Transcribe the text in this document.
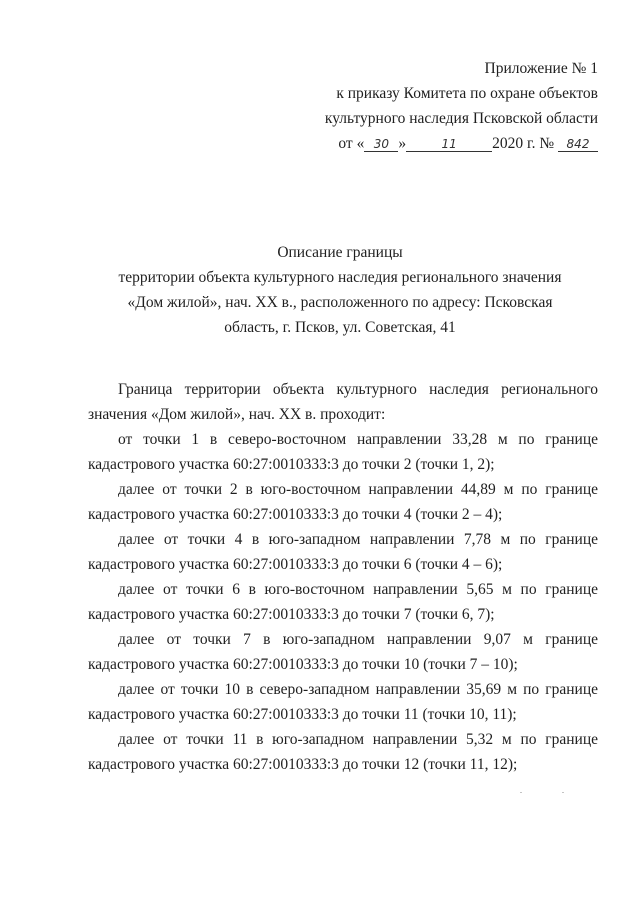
Приложение № 1
к приказу Комитета по охране объектов
культурного наследия Псковской области
от « 30 »	11 2020 г. № 842
Описание границы
территории объекта культурного наследия регионального значения
«Дом жилой», нач. XX в., расположенного по адресу: Псковская
область, г. Псков, ул. Советская, 41

Граница территории объекта культурного наследия регионального значения «Дом жилой», нач. XX в. проходит:

от точки 1 в северо-восточном направлении 33,28 м по границе кадастрового участка 60:27:0010333:3 до точки 2 (точки 1, 2);

далее от точки 2 в юго-восточном направлении 44,89 м по границе кадастрового участка 60:27:0010333:3 до точки 4 (точки 2 – 4);

далее от точки 4 в юго-западном направлении 7,78 м по границе кадастрового участка 60:27:0010333:3 до точки 6 (точки 4 – 6);

далее от точки 6 в юго-восточном направлении 5,65 м по границе кадастрового участка 60:27:0010333:3 до точки 7 (точки 6, 7);

далее от точки 7 в юго-западном направлении 9,07 м границе кадастрового участка 60:27:0010333:3 до точки 10 (точки 7 – 10);

далее от точки 10 в северо-западном направлении 35,69 м по границе кадастрового участка 60:27:0010333:3 до точки 11 (точки 10, 11);

далее от точки 11 в юго-западном направлении 5,32 м по границе кадастрового участка 60:27:0010333:3 до точки 12 (точки 11, 12);

..
